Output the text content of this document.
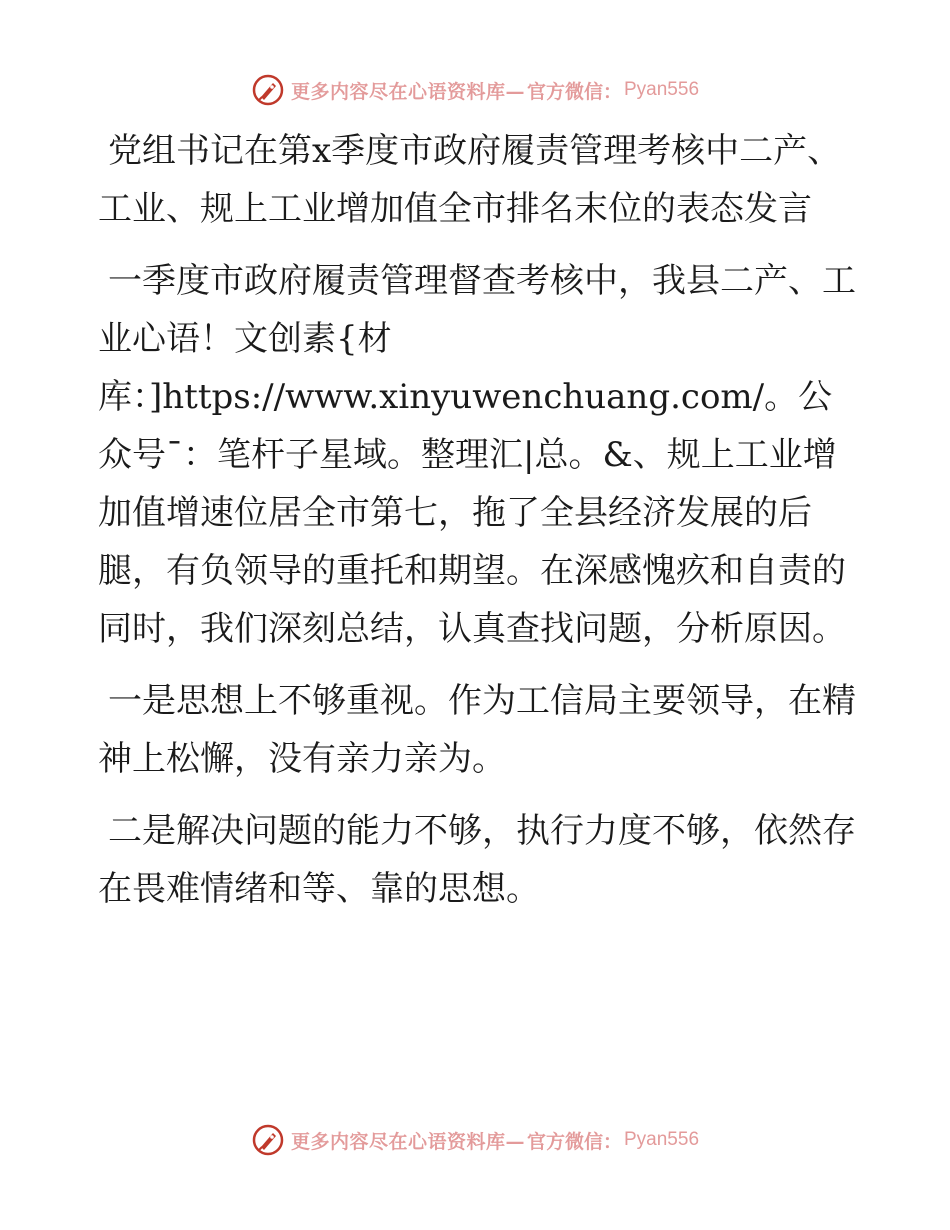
更多内容尽在心语资料库— 官方微信： Pyan556
党组书记在第x季度市政府履责管理考核中二产、工业、规上工业增加值全市排名末位的表态发言

一季度市政府履责管理督查考核中，我县二产、工业心语！文创素{材库：]https://www.xinyuwenchuang.com/。公众号¯：笔杆子星域。整理汇|总。&、规上工业增加值增速位居全市第七，拖了全县经济发展的后腿，有负领导的重托和期望。在深感愧疚和自责的同时，我们深刻总结，认真查找问题，分析原因。

一是思想上不够重视。作为工信局主要领导，在精神上松懈，没有亲力亲为。

二是解决问题的能力不够，执行力度不够，依然存在畏难情绪和等、靠的思想。

更多内容尽在心语资料库— 官方微信： Pyan556
